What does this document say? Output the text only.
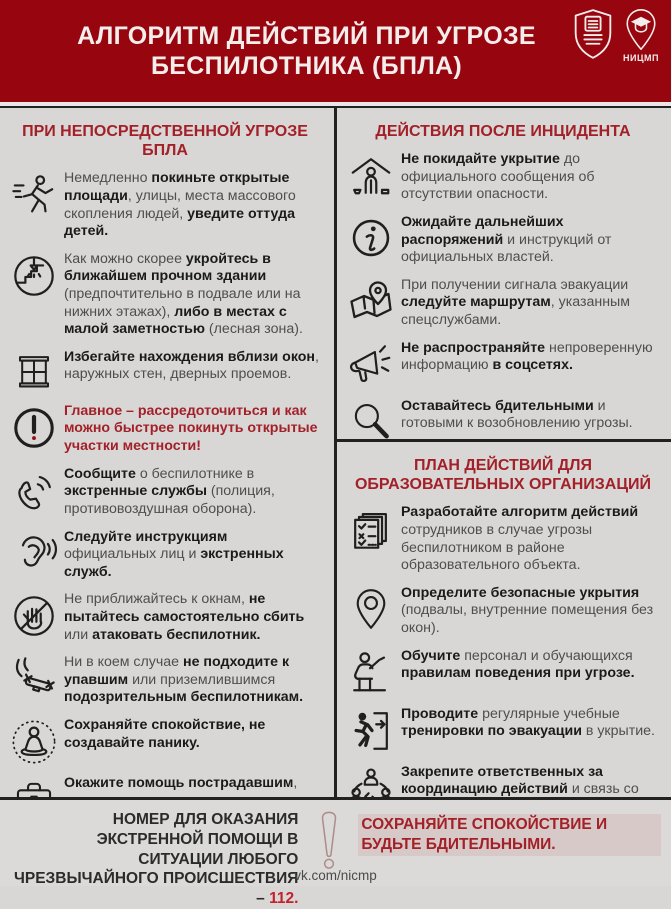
АЛГОРИТМ ДЕЙСТВИЙ ПРИ УГРОЗЕ
БЕСПИЛОТНИКА (БПЛА)	НИЦМП
ПРИ НЕПОСРЕДСТВЕННОЙ УГРОЗЕ БПЛА
Немедленно покиньте открытые площади, улицы, места массового скопления людей, уведите оттуда детей.
Как можно скорее укройтесь в ближайшем прочном здании (предпочтительно в подвале или на нижних этажах), либо в местах с малой заметностью (лесная зона).
Избегайте нахождения вблизи окон, наружных стен, дверных проемов.
Главное – рассредоточиться и как можно быстрее покинуть открытые участки местности!
Сообщите о беспилотнике в экстренные службы (полиция, противовоздушная оборона).
Следуйте инструкциям официальных лиц и экстренных служб.
Не приближайтесь к окнам, не пытайтесь самостоятельно сбить или атаковать беспилотник.
Ни в коем случае не подходите к упавшим или приземлившимся подозрительным беспилотникам.
Сохраняйте спокойствие, не создавайте панику.
Окажите помощь пострадавшим,
ДЕЙСТВИЯ ПОСЛЕ ИНЦИДЕНТА
Не покидайте укрытие до официального сообщения об отсутствии опасности.
Ожидайте дальнейших распоряжений и инструкций от официальных властей.
При получении сигнала эвакуации следуйте маршрутам, указанным спецслужбами.
Не распространяйте непроверенную информацию в соцсетях.
Оставайтесь бдительными и готовыми к возобновлению угрозы.
ПЛАН ДЕЙСТВИЙ ДЛЯ ОБРАЗОВАТЕЛЬНЫХ ОРГАНИЗАЦИЙ
Разработайте алгоритм действий сотрудников в случае угрозы беспилотником в районе образовательного объекта.
Определите безопасные укрытия (подвалы, внутренние помещения без окон).
Обучите персонал и обучающихся правилам поведения при угрозе.
Проводите регулярные учебные тренировки по эвакуации в укрытие.
Закрепите ответственных за координацию действий и связь со
НОМЕР ДЛЯ ОКАЗАНИЯ ЭКСТРЕННОЙ ПОМОЩИ В СИТУАЦИИ ЛЮБОГО ЧРЕЗВЫЧАЙНОГО ПРОИСШЕСТВИЯ – 112.
СОХРАНЯЙТЕ СПОКОЙСТВИЕ И БУДЬТЕ БДИТЕЛЬНЫМИ.
vk.com/nicmp
